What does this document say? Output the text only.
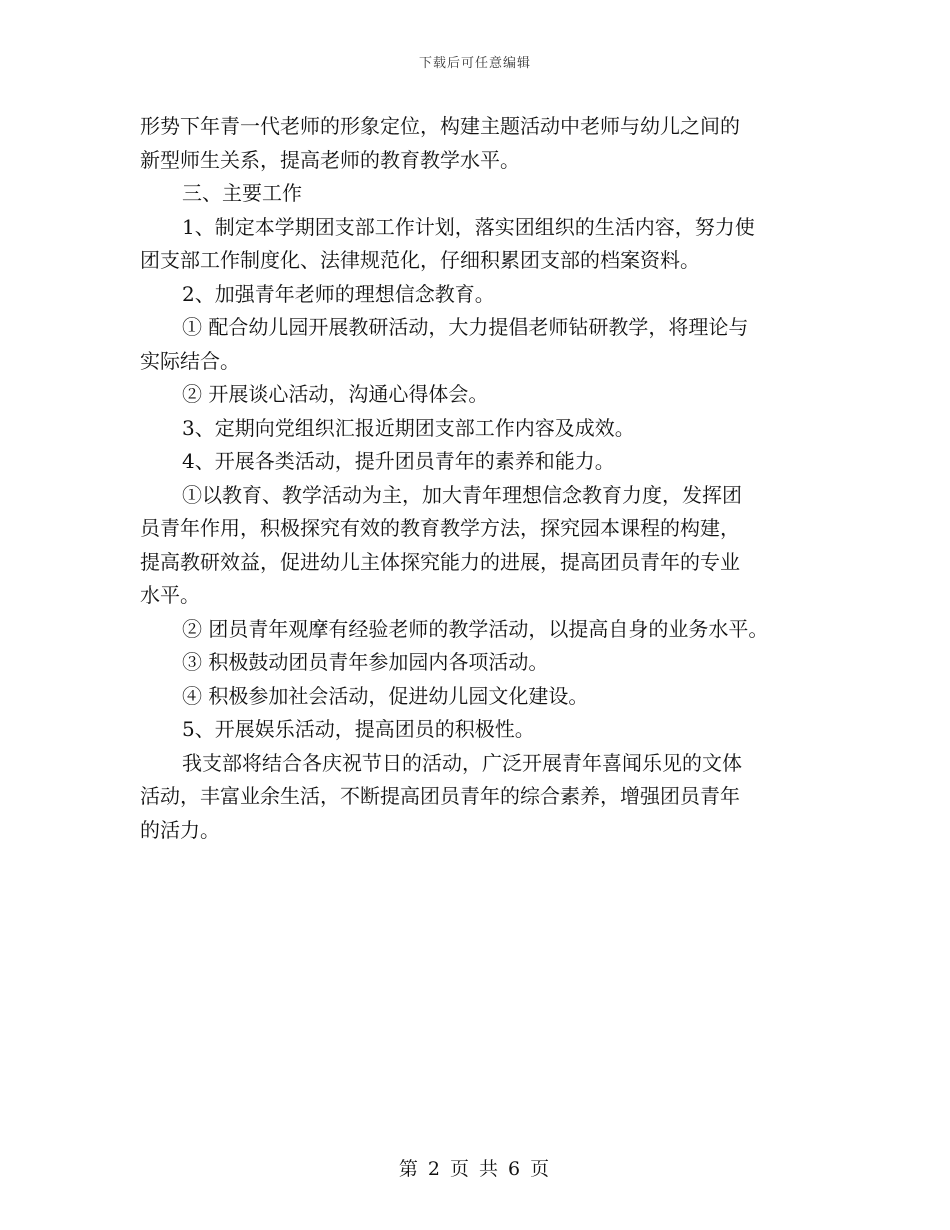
下载后可任意编辑
形势下年青一代老师的形象定位，构建主题活动中老师与幼儿之间的
新型师生关系，提高老师的教育教学水平。
三、主要工作
1、制定本学期团支部工作计划，落实团组织的生活内容，努力使
团支部工作制度化、法律规范化，仔细积累团支部的档案资料。
2、加强青年老师的理想信念教育。
① 配合幼儿园开展教研活动，大力提倡老师钻研教学，将理论与
实际结合。
② 开展谈心活动，沟通心得体会。
3、定期向党组织汇报近期团支部工作内容及成效。
4、开展各类活动，提升团员青年的素养和能力。
①以教育、教学活动为主，加大青年理想信念教育力度，发挥团
员青年作用，积极探究有效的教育教学方法，探究园本课程的构建，
提高教研效益，促进幼儿主体探究能力的进展，提高团员青年的专业
水平。
② 团员青年观摩有经验老师的教学活动，以提高自身的业务水平。
③ 积极鼓动团员青年参加园内各项活动。
④ 积极参加社会活动，促进幼儿园文化建设。
5、开展娱乐活动，提高团员的积极性。
我支部将结合各庆祝节日的活动，广泛开展青年喜闻乐见的文体
活动，丰富业余生活，不断提高团员青年的综合素养，增强团员青年
的活力。
第 2 页 共 6 页
